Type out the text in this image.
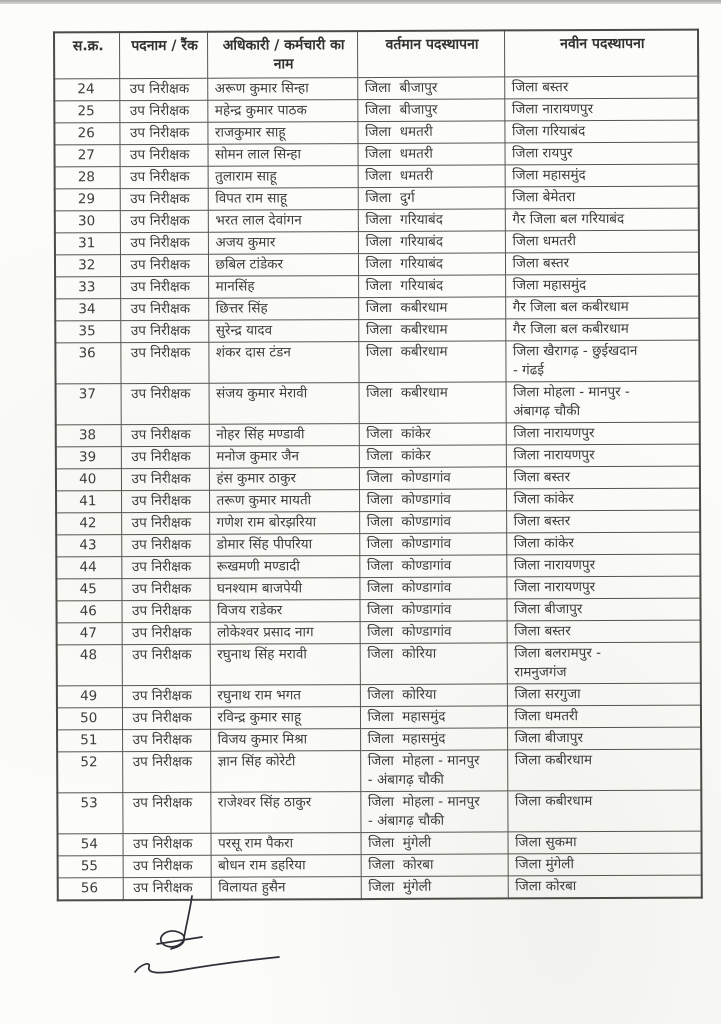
स.क्र.	पदनाम / रैंक	अधिकारी / कर्मचारी का नाम	वर्तमान पदस्थापना	नवीन पदस्थापना
24	उप निरीक्षक	अरूण कुमार सिन्हा	जिला  बीजापुर	जिला बस्तर
25	उप निरीक्षक	महेन्द्र कुमार पाठक	जिला  बीजापुर	जिला नारायणपुर
26	उप निरीक्षक	राजकुमार साहू	जिला  धमतरी	जिला गरियाबंद
27	उप निरीक्षक	सोमन लाल सिन्हा	जिला  धमतरी	जिला रायपुर
28	उप निरीक्षक	तुलाराम साहू	जिला  धमतरी	जिला महासमुंद
29	उप निरीक्षक	विपत राम साहू	जिला  दुर्ग	जिला बेमेतरा
30	उप निरीक्षक	भरत लाल देवांगन	जिला  गरियाबंद	गैर जिला बल गरियाबंद
31	उप निरीक्षक	अजय कुमार	जिला  गरियाबंद	जिला धमतरी
32	उप निरीक्षक	छबिल टांडेकर	जिला  गरियाबंद	जिला बस्तर
33	उप निरीक्षक	मानसिंह	जिला  गरियाबंद	जिला महासमुंद
34	उप निरीक्षक	छित्तर सिंह	जिला  कबीरधाम	गैर जिला बल कबीरधाम
35	उप निरीक्षक	सुरेन्द्र यादव	जिला  कबीरधाम	गैर जिला बल कबीरधाम
36	उप निरीक्षक	शंकर दास टंडन	जिला  कबीरधाम	जिला खैरागढ़ - छुईखदान
- गंढई
37	उप निरीक्षक	संजय कुमार मेरावी	जिला  कबीरधाम	जिला मोहला - मानपुर -
अंबागढ़ चौकी
38	उप निरीक्षक	नोहर सिंह मण्डावी	जिला  कांकेर	जिला नारायणपुर
39	उप निरीक्षक	मनोज कुमार जैन	जिला  कांकेर	जिला नारायणपुर
40	उप निरीक्षक	हंस कुमार ठाकुर	जिला  कोण्डागांव	जिला बस्तर
41	उप निरीक्षक	तरूण कुमार मायती	जिला  कोण्डागांव	जिला कांकेर
42	उप निरीक्षक	गणेश राम बोरझरिया	जिला  कोण्डागांव	जिला बस्तर
43	उप निरीक्षक	डोमार सिंह पीपरिया	जिला  कोण्डागांव	जिला कांकेर
44	उप निरीक्षक	रूखमणी मण्डादी	जिला  कोण्डागांव	जिला नारायणपुर
45	उप निरीक्षक	घनश्याम बाजपेयी	जिला  कोण्डागांव	जिला नारायणपुर
46	उप निरीक्षक	विजय राडेकर	जिला  कोण्डागांव	जिला बीजापुर
47	उप निरीक्षक	लोकेश्वर प्रसाद नाग	जिला  कोण्डागांव	जिला बस्तर
48	उप निरीक्षक	रघुनाथ सिंह मरावी	जिला  कोरिया	जिला बलरामपुर -
रामनुजगंज
49	उप निरीक्षक	रघुनाथ राम भगत	जिला  कोरिया	जिला सरगुजा
50	उप निरीक्षक	रविन्द्र कुमार साहू	जिला  महासमुंद	जिला धमतरी
51	उप निरीक्षक	विजय कुमार मिश्रा	जिला  महासमुंद	जिला बीजापुर
52	उप निरीक्षक	ज्ञान सिंह कोरेटी	जिला  मोहला - मानपुर
- अंबागढ़ चौकी	जिला कबीरधाम
53	उप निरीक्षक	राजेश्वर सिंह ठाकुर	जिला  मोहला - मानपुर
- अंबागढ़ चौकी	जिला कबीरधाम
54	उप निरीक्षक	परसू राम पैकरा	जिला  मुंगेली	जिला सुकमा
55	उप निरीक्षक	बोधन राम डहरिया	जिला  कोरबा	जिला मुंगेली
56	उप निरीक्षक	विलायत हुसैन	जिला  मुंगेली	जिला कोरबा
